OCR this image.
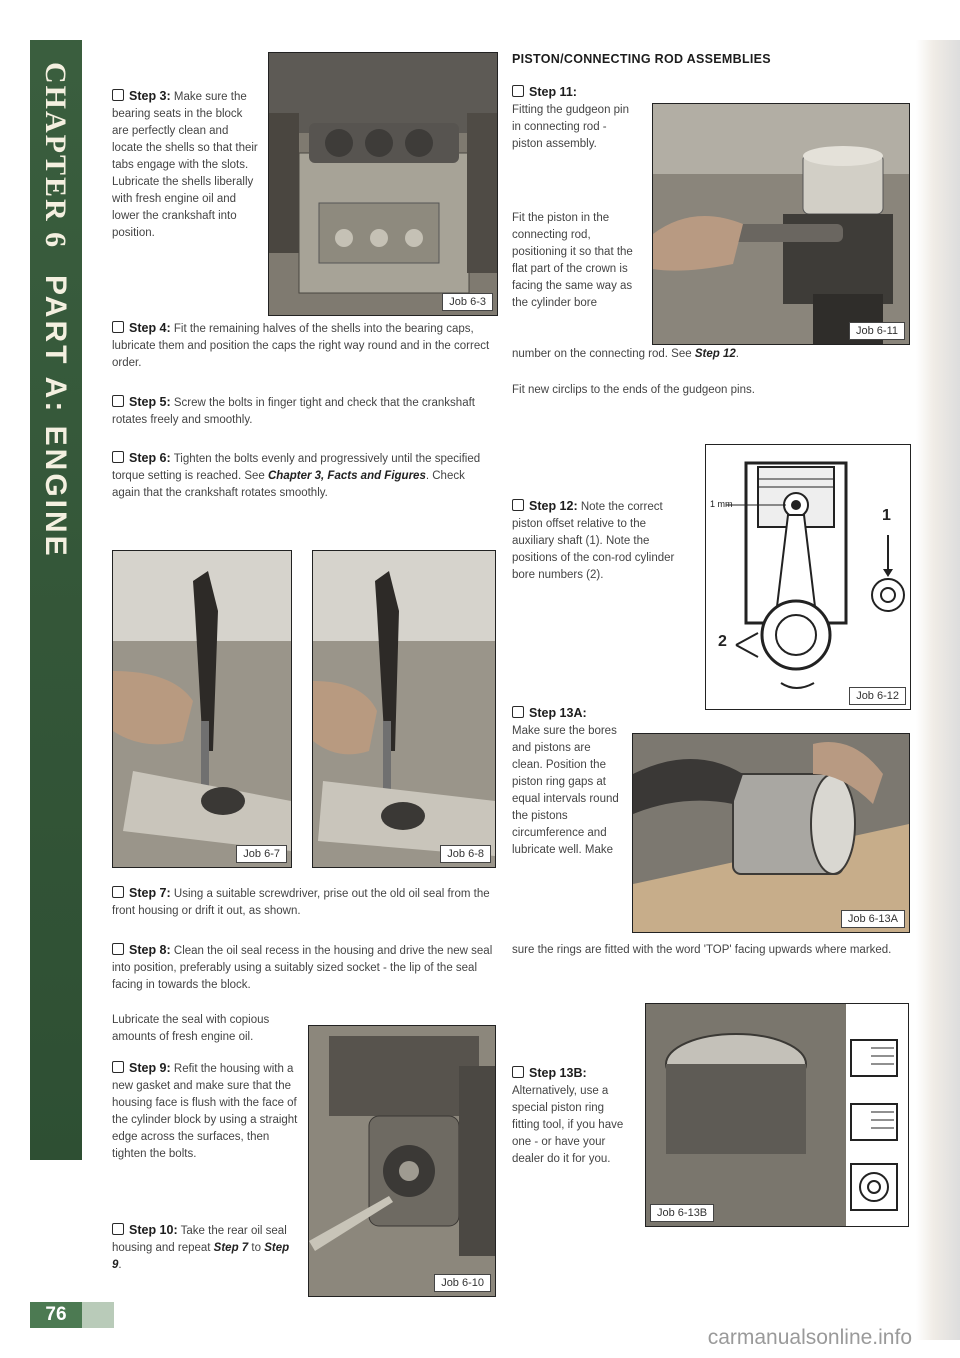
CHAPTER 6
PART A: ENGINE
76

Step 3: Make sure the bearing seats in the block are perfectly clean and locate the shells so that their tabs engage with the slots. Lubricate the shells liberally with fresh engine oil and lower the crankshaft into position.

Job 6-3

Step 4: Fit the remaining halves of the shells into the bearing caps, lubricate them and position the caps the right way round and in the correct order.

Step 5: Screw the bolts in finger tight and check that the crankshaft rotates freely and smoothly.

Step 6: Tighten the bolts evenly and progressively until the specified torque setting is reached. See Chapter 3, Facts and Figures. Check again that the crankshaft rotates smoothly.

Job 6-7	Job 6-8

Step 7: Using a suitable screwdriver, prise out the old oil seal from the front housing or drift it out, as shown.

Step 8: Clean the oil seal recess in the housing and drive the new seal into position, preferably using a suitably sized socket - the lip of the seal facing in towards the block.

Lubricate the seal with copious amounts of fresh engine oil.

Step 9: Refit the housing with a new gasket and make sure that the housing face is flush with the face of the cylinder block by using a straight edge across the surfaces, then tighten the bolts.

Step 10: Take the rear oil seal housing and repeat Step 7 to Step 9.

Job 6-10
PISTON/CONNECTING ROD ASSEMBLIES

Step 11:
Fitting the gudgeon pin in connecting rod - piston assembly.

Fit the piston in the connecting rod, positioning it so that the flat part of the crown is facing the same way as the cylinder bore

number on the connecting rod. See Step 12.

Fit new circlips to the ends of the gudgeon pins.

Job 6-11

Step 12: Note the correct piston offset relative to the auxiliary shaft (1). Note the positions of the con-rod cylinder bore numbers (2).

1 mm
1
2
Job 6-12

Step 13A:
Make sure the bores and pistons are clean. Position the piston ring gaps at equal intervals round the pistons circumference and lubricate well. Make

sure the rings are fitted with the word 'TOP' facing upwards where marked.

Job 6-13A

Step 13B:
Alternatively, use a special piston ring fitting tool, if you have one - or have your dealer do it for you.

Job 6-13B
carmanualsonline.info
